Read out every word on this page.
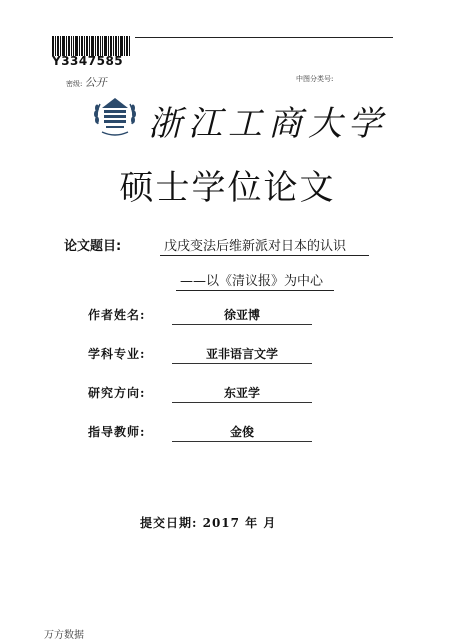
Y3347585
密级: 公开	中图分类号:
浙江工商大学
硕士学位论文
论文题目:	戊戌变法后维新派对日本的认识
——以《清议报》为中心
作者姓名:	徐亚博
学科专业:	亚非语言文学
研究方向:	东亚学
指导教师:	金俊
提交日期: 2017 年 月
万方数据
